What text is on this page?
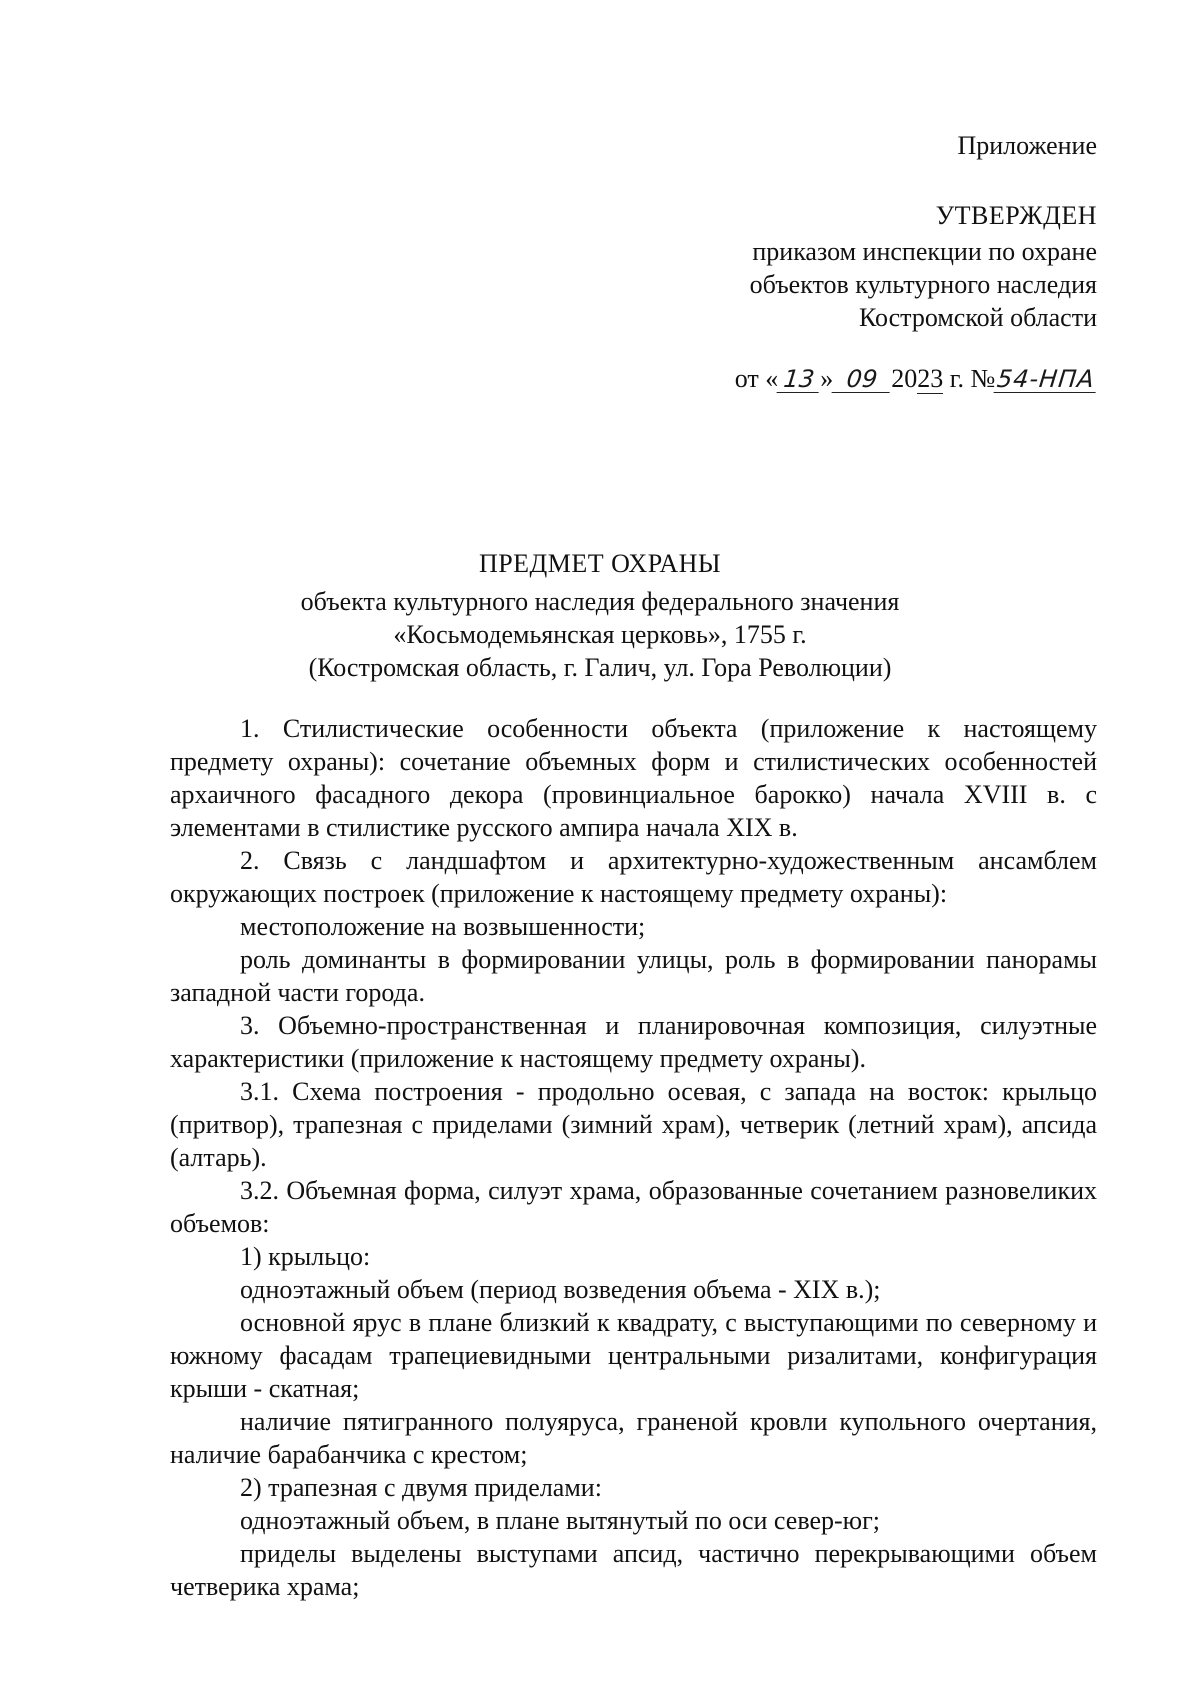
Приложение
УТВЕРЖДЕН
приказом инспекции по охране
объектов культурного наследия
Костромской области
от « 13 » 09 2023 г. №54-НПА
ПРЕДМЕТ ОХРАНЫ
объекта культурного наследия федерального значения
«Косьмодемьянская церковь», 1755 г.
(Костромская область, г. Галич, ул. Гора Революции)

1. Стилистические особенности объекта (приложение к настоящему предмету охраны): сочетание объемных форм и стилистических особенностей архаичного фасадного декора (провинциальное барокко) начала XVIII в. с элементами в стилистике русского ампира начала XIX в.

2. Связь с ландшафтом и архитектурно-художественным ансамблем окружающих построек (приложение к настоящему предмету охраны):

местоположение на возвышенности;

роль доминанты в формировании улицы, роль в формировании панорамы западной части города.

3. Объемно-пространственная и планировочная композиция, силуэтные характеристики (приложение к настоящему предмету охраны).

3.1. Схема построения - продольно осевая, с запада на восток: крыльцо (притвор), трапезная с приделами (зимний храм), четверик (летний храм), апсида (алтарь).

3.2. Объемная форма, силуэт храма, образованные сочетанием разновеликих объемов:

1) крыльцо:

одноэтажный объем (период возведения объема - XIX в.);

основной ярус в плане близкий к квадрату, с выступающими по северному и южному фасадам трапециевидными центральными ризалитами, конфигурация крыши - скатная;

наличие пятигранного полуяруса, граненой кровли купольного очертания, наличие барабанчика с крестом;

2) трапезная с двумя приделами:

одноэтажный объем, в плане вытянутый по оси север-юг;

приделы выделены выступами апсид, частично перекрывающими объем четверика храма;
